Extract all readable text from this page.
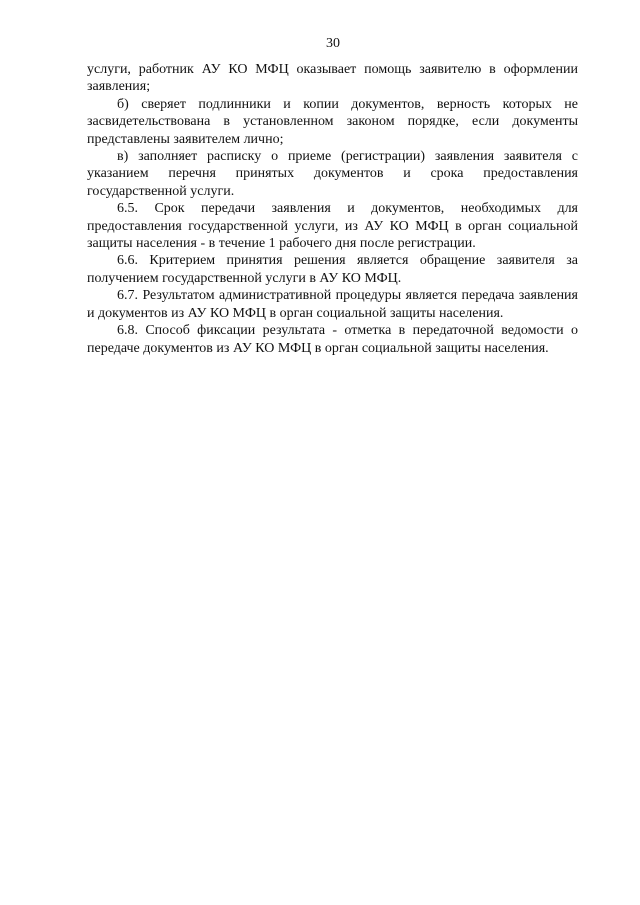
30

услуги, работник АУ КО МФЦ оказывает помощь заявителю в оформлении заявления;

б) сверяет подлинники и копии документов, верность которых не засвидетельствована в установленном законом порядке, если документы представлены заявителем лично;

в) заполняет расписку о приеме (регистрации) заявления заявителя с указанием перечня принятых документов и срока предоставления государственной услуги.

6.5. Срок передачи заявления и документов, необходимых для предоставления государственной услуги, из АУ КО МФЦ в орган социальной защиты населения - в течение 1 рабочего дня после регистрации.

6.6. Критерием принятия решения является обращение заявителя за получением государственной услуги в АУ КО МФЦ.

6.7. Результатом административной процедуры является передача заявления и документов из АУ КО МФЦ в орган социальной защиты населения.

6.8. Способ фиксации результата - отметка в передаточной ведомости о передаче документов из АУ КО МФЦ в орган социальной защиты населения.
